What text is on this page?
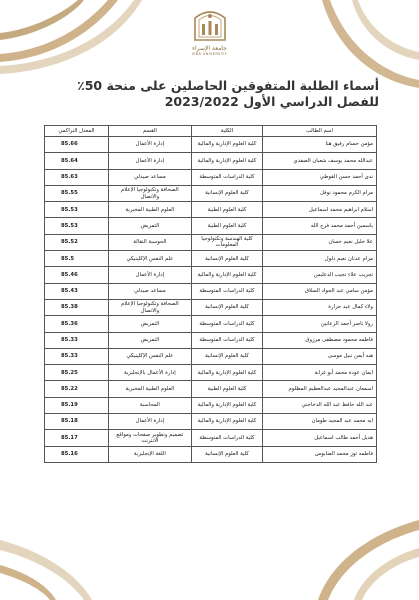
جامعة الإسراء
ISRA UNIVERSITY
أسماء الطلبة المتفوقين الحاصلين على منحة 50٪
للفصل الدراسي الأول 2023/2022
اسم الطالب	الكلية	القسم	المعدل التراكمي
مؤمن حسام رفيق هنا	كلية العلوم الإدارية والمالية	إدارة الأعمال	85.66
عبدالله محمد يوسف شعبان الصفدي	كلية العلوم الإدارية والمالية	إدارة الأعمال	85.64
ندى أحمد حسن القوطي	كلية الدراسات المتوسطة	مساعد صيدلي	85.63
مرام الكرم محمود نوفل	كلية العلوم الإنسانية	الصحافة وتكنولوجيا الإعلام والاتصال	85.55
اسلام ابراهيم محمد اسماعيل	كلية العلوم الطبية	العلوم الطبية المخبرية	85.53
ياسمين أحمد محمد فرج الله	كلية العلوم الطبية	التمريض	85.53
علا خليل نعيم حسان	كلية الهندسة وتكنولوجيا المعلومات	الحوسبة النقالة	85.52
مرام عدنان نعيم دلول	كلية العلوم الإنسانية	علم النفس الإكلينيكي	85.5
تجريب علاء تجيب الدعليس	كلية العلوم الإدارية والمالية	إدارة الأعمال	85.46
مؤمن سامي عبد الجواد السلاق	كلية الدراسات المتوسطة	مساعد صيدلي	85.43
ولاء كمال عيد حرارة	كلية العلوم الإنسانية	الصحافة وتكنولوجيا الإعلام والاتصال	85.38
رولا ناصر أحمد الزعانين	كلية الدراسات المتوسطة	التمريض	85.36
فاطمه محمود مصطفى مرزوق	كلية الدراسات المتوسطة	التمريض	85.33
هبه أيمن نبيل موسى	كلية العلوم الإنسانية	علم النفس الإكلينيكي	85.33
ايمان عودة محمد أبو غرابة	كلية العلوم الإدارية والمالية	إدارة الأعمال بالإنجليزية	85.25
اسمعان عبدالمجيد عبدالعظيم المظلوم	كلية العلوم الطبية	العلوم الطبية المخبرية	85.22
عبد الله حافظ عبد الله الدخاخني	كلية العلوم الإدارية والمالية	المحاسبة	85.19
ايه محمد عبد المجيد طومان	كلية العلوم الإدارية والمالية	إدارة الأعمال	85.18
هديل أحمد طالب اسماعيل	كلية الدراسات المتوسطة	تصميم وتطوير صفحات ومواقع الانترنت	85.17
فاطمه توز محمد الضابوس	كلية العلوم الإنسانية	اللغة الإنجليزية	85.16
